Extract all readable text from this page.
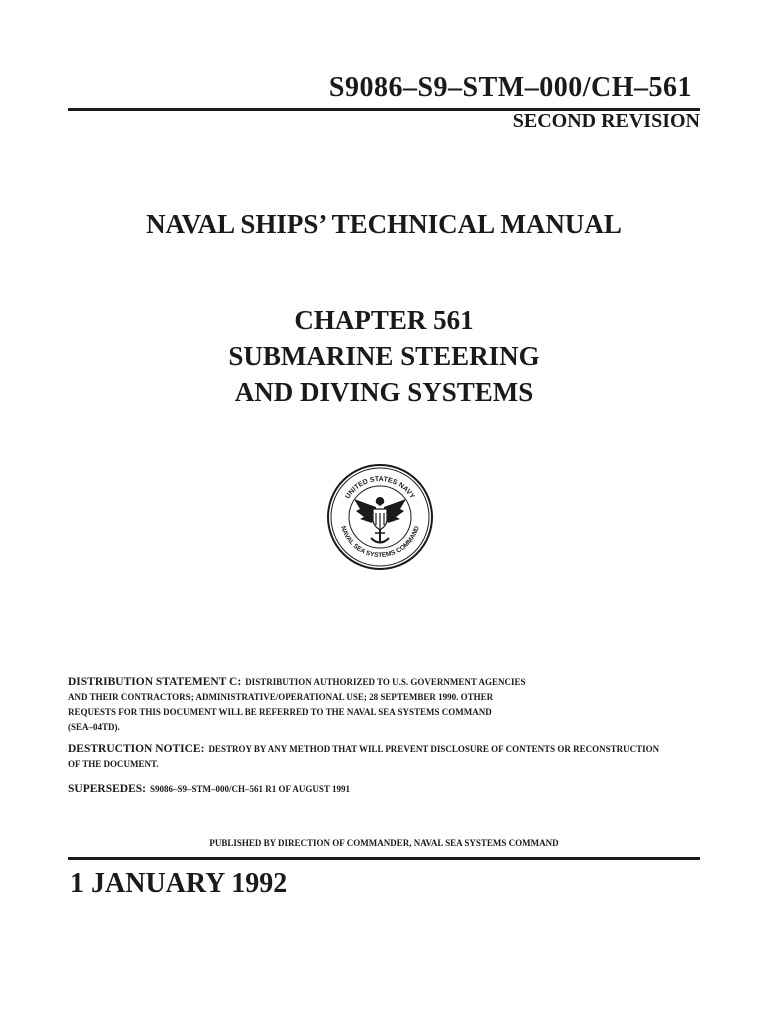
S9086–S9–STM–000/CH–561
SECOND REVISION
NAVAL SHIPS’ TECHNICAL MANUAL
CHAPTER 561
SUBMARINE STEERING
AND DIVING SYSTEMS
UNITED STATES NAVY
NAVAL SEA SYSTEMS COMMAND
DISTRIBUTION STATEMENT C: DISTRIBUTION AUTHORIZED TO U.S. GOVERNMENT AGENCIES
AND THEIR CONTRACTORS; ADMINISTRATIVE/OPERATIONAL USE; 28 SEPTEMBER 1990. OTHER
REQUESTS FOR THIS DOCUMENT WILL BE REFERRED TO THE NAVAL SEA SYSTEMS COMMAND
(SEA–04TD).
DESTRUCTION NOTICE: DESTROY BY ANY METHOD THAT WILL PREVENT DISCLOSURE OF CONTENTS OR RECONSTRUCTION
OF THE DOCUMENT.
SUPERSEDES: S9086–S9–STM–000/CH–561 R1 OF AUGUST 1991
PUBLISHED BY DIRECTION OF COMMANDER, NAVAL SEA SYSTEMS COMMAND
1 JANUARY 1992
